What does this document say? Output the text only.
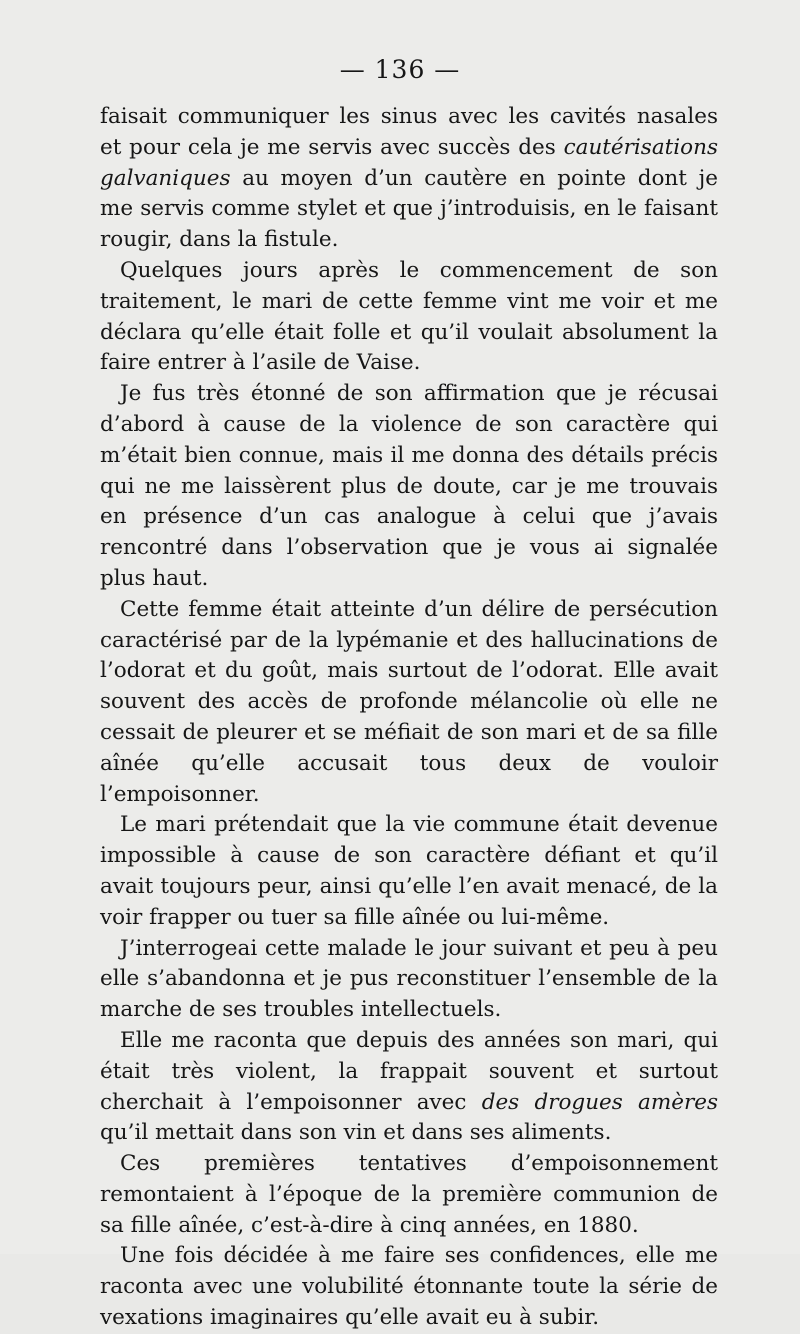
— 136 —

faisait communiquer les sinus avec les cavités nasales et pour cela je me servis avec succès des cautérisations galvaniques au moyen d’un cautère en pointe dont je me servis comme stylet et que j’introduisis, en le faisant rougir, dans la fistule.

Quelques jours après le commencement de son traitement, le mari de cette femme vint me voir et me déclara qu’elle était folle et qu’il voulait absolument la faire entrer à l’asile de Vaise.

Je fus très étonné de son affirmation que je récusai d’abord à cause de la violence de son caractère qui m’était bien connue, mais il me donna des détails précis qui ne me laissèrent plus de doute, car je me trouvais en présence d’un cas analogue à celui que j’avais rencontré dans l’observation que je vous ai signalée plus haut.

Cette femme était atteinte d’un délire de persécution caractérisé par de la lypémanie et des hallucinations de l’odorat et du goût, mais surtout de l’odorat. Elle avait souvent des accès de profonde mélancolie où elle ne cessait de pleurer et se méfiait de son mari et de sa fille aînée qu’elle accusait tous deux de vouloir l’empoisonner.

Le mari prétendait que la vie commune était devenue impossible à cause de son caractère défiant et qu’il avait toujours peur, ainsi qu’elle l’en avait menacé, de la voir frapper ou tuer sa fille aînée ou lui-même.

J’interrogeai cette malade le jour suivant et peu à peu elle s’abandonna et je pus reconstituer l’ensemble de la marche de ses troubles intellectuels.

Elle me raconta que depuis des années son mari, qui était très violent, la frappait souvent et surtout cherchait à l’empoisonner avec des drogues amères qu’il mettait dans son vin et dans ses aliments.

Ces premières tentatives d’empoisonnement remontaient à l’époque de la première communion de sa fille aînée, c’est-à-dire à cinq années, en 1880.

Une fois décidée à me faire ses confidences, elle me raconta avec une volubilité étonnante toute la série de vexations imaginaires qu’elle avait eu à subir.
